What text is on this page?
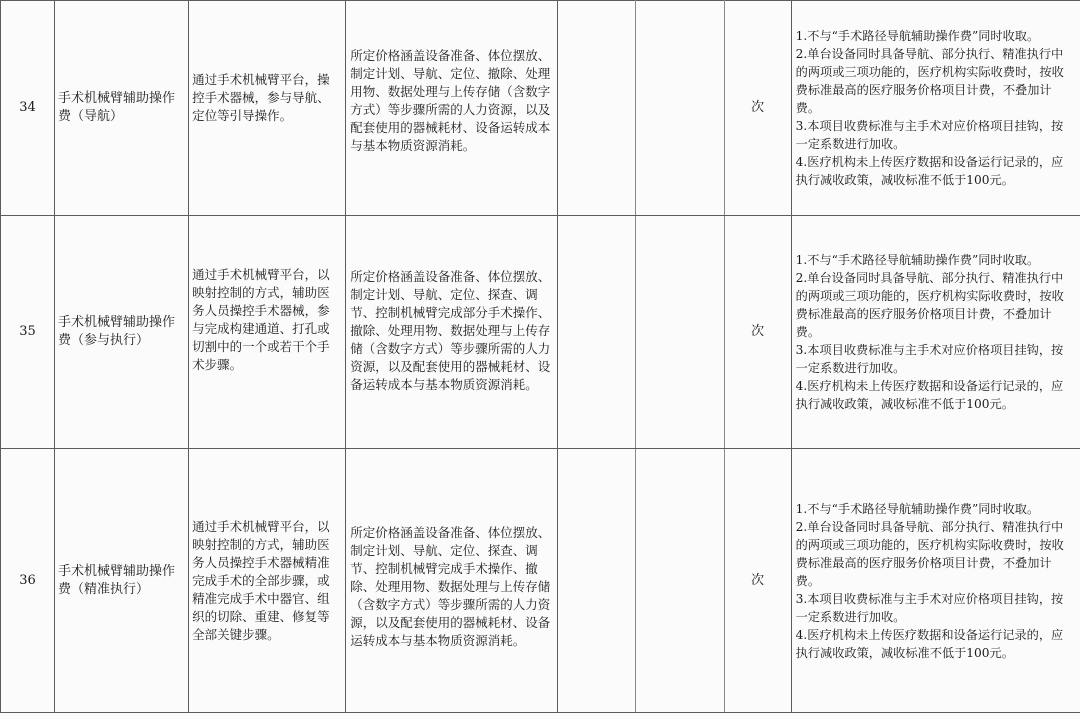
34	手术机械臂辅助操作费（导航）	通过手术机械臂平台，操控手术器械，参与导航、定位等引导操作。	所定价格涵盖设备准备、体位摆放、制定计划、导航、定位、撤除、处理用物、数据处理与上传存储（含数字方式）等步骤所需的人力资源，以及配套使用的器械耗材、设备运转成本与基本物质资源消耗。			次	1.不与“手术路径导航辅助操作费”同时收取。
2.单台设备同时具备导航、部分执行、精准执行中的两项或三项功能的，医疗机构实际收费时，按收费标准最高的医疗服务价格项目计费，不叠加计费。
3.本项目收费标准与主手术对应价格项目挂钩，按一定系数进行加收。
4.医疗机构未上传医疗数据和设备运行记录的，应执行减收政策，减收标准不低于100元。

35	手术机械臂辅助操作费（参与执行）	通过手术机械臂平台，以映射控制的方式，辅助医务人员操控手术器械，参与完成构建通道、打孔或切割中的一个或若干个手术步骤。	所定价格涵盖设备准备、体位摆放、制定计划、导航、定位、探查、调节、控制机械臂完成部分手术操作、撤除、处理用物、数据处理与上传存储（含数字方式）等步骤所需的人力资源，以及配套使用的器械耗材、设备运转成本与基本物质资源消耗。			次	1.不与“手术路径导航辅助操作费”同时收取。
2.单台设备同时具备导航、部分执行、精准执行中的两项或三项功能的，医疗机构实际收费时，按收费标准最高的医疗服务价格项目计费，不叠加计费。
3.本项目收费标准与主手术对应价格项目挂钩，按一定系数进行加收。
4.医疗机构未上传医疗数据和设备运行记录的，应执行减收政策，减收标准不低于100元。

36	手术机械臂辅助操作费（精准执行）	通过手术机械臂平台，以映射控制的方式，辅助医务人员操控手术器械精准完成手术的全部步骤，或精准完成手术中器官、组织的切除、重建、修复等全部关键步骤。	所定价格涵盖设备准备、体位摆放、制定计划、导航、定位、探查、调节、控制机械臂完成手术操作、撤除、处理用物、数据处理与上传存储（含数字方式）等步骤所需的人力资源，以及配套使用的器械耗材、设备运转成本与基本物质资源消耗。			次	1.不与“手术路径导航辅助操作费”同时收取。
2.单台设备同时具备导航、部分执行、精准执行中的两项或三项功能的，医疗机构实际收费时，按收费标准最高的医疗服务价格项目计费，不叠加计费。
3.本项目收费标准与主手术对应价格项目挂钩，按一定系数进行加收。
4.医疗机构未上传医疗数据和设备运行记录的，应执行减收政策，减收标准不低于100元。
